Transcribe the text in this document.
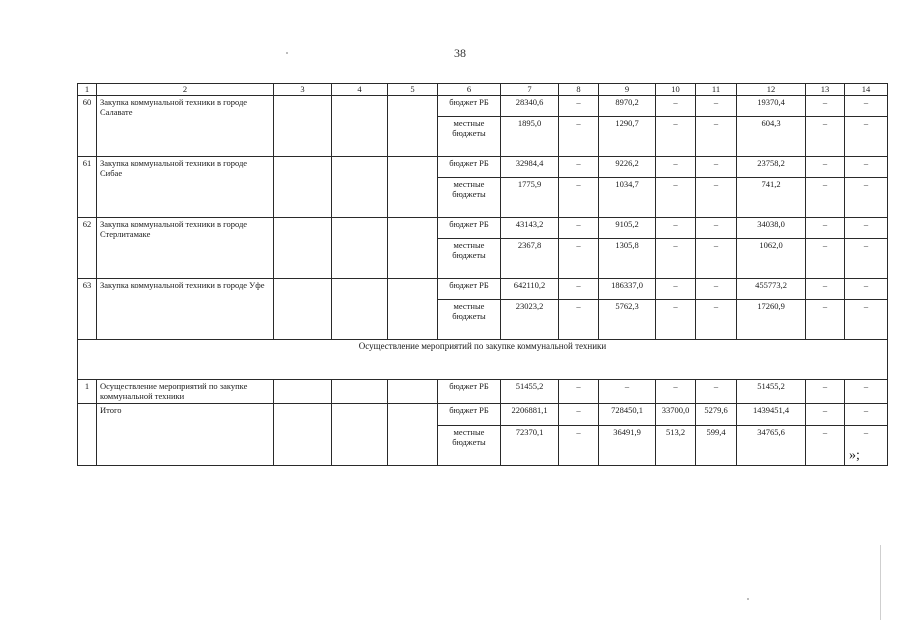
38
1	2	3	4	5	6	7	8	9	10	11	12	13	14
60	Закупка коммунальной техники в городе Салавате				бюджет РБ	28340,6	–	8970,2	–	–	19370,4	–	–
					местные бюджеты	1895,0	–	1290,7	–	–	604,3	–	–
61	Закупка коммунальной техники в городе Сибае				бюджет РБ	32984,4	–	9226,2	–	–	23758,2	–	–
					местные бюджеты	1775,9	–	1034,7	–	–	741,2	–	–
62	Закупка коммунальной техники в городе Стерлитамаке				бюджет РБ	43143,2	–	9105,2	–	–	34038,0	–	–
					местные бюджеты	2367,8	–	1305,8	–	–	1062,0	–	–
63	Закупка коммунальной техники в городе Уфе				бюджет РБ	642110,2	–	186337,0	–	–	455773,2	–	–
					местные бюджеты	23023,2	–	5762,3	–	–	17260,9	–	–
Осуществление мероприятий по закупке коммунальной техники													
1	Осуществление мероприятий по закупке коммунальной техники				бюджет РБ	51455,2	–	–	–	–	51455,2	–	–
	Итого				бюджет РБ	2206881,1	–	728450,1	33700,0	5279,6	1439451,4	–	–
					местные бюджеты	72370,1	–	36491,9	513,2	599,4	34765,6	–	–
»;
